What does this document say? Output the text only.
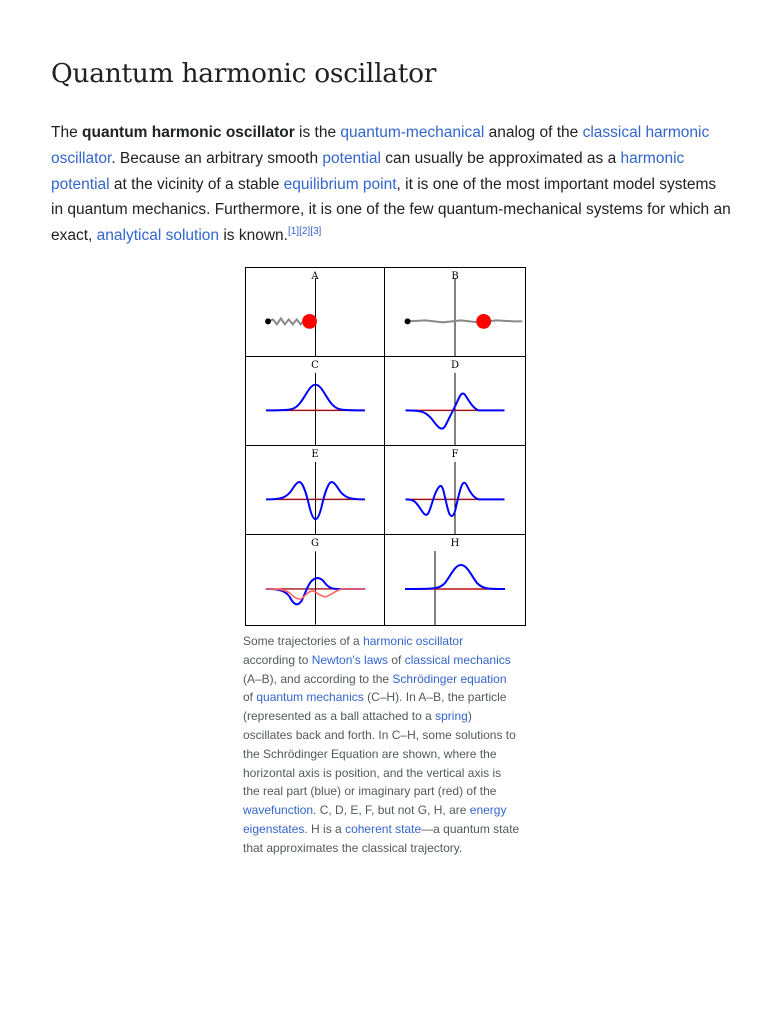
Quantum harmonic oscillator
The quantum harmonic oscillator is the quantum-mechanical analog of the classical harmonic
oscillator. Because an arbitrary smooth potential can usually be approximated as a harmonic
potential at the vicinity of a stable equilibrium point, it is one of the most important model systems
in quantum mechanics. Furthermore, it is one of the few quantum-mechanical systems for which an
exact, analytical solution is known.[1][2][3]
A	B
C	D
E	F
G	H
Some trajectories of a harmonic oscillator
according to Newton's laws of classical mechanics
(A–B), and according to the Schrödinger equation
of quantum mechanics (C–H). In A–B, the particle
(represented as a ball attached to a spring)
oscillates back and forth. In C–H, some solutions to
the Schrödinger Equation are shown, where the
horizontal axis is position, and the vertical axis is
the real part (blue) or imaginary part (red) of the
wavefunction. C, D, E, F, but not G, H, are energy
eigenstates. H is a coherent state—a quantum state
that approximates the classical trajectory.
